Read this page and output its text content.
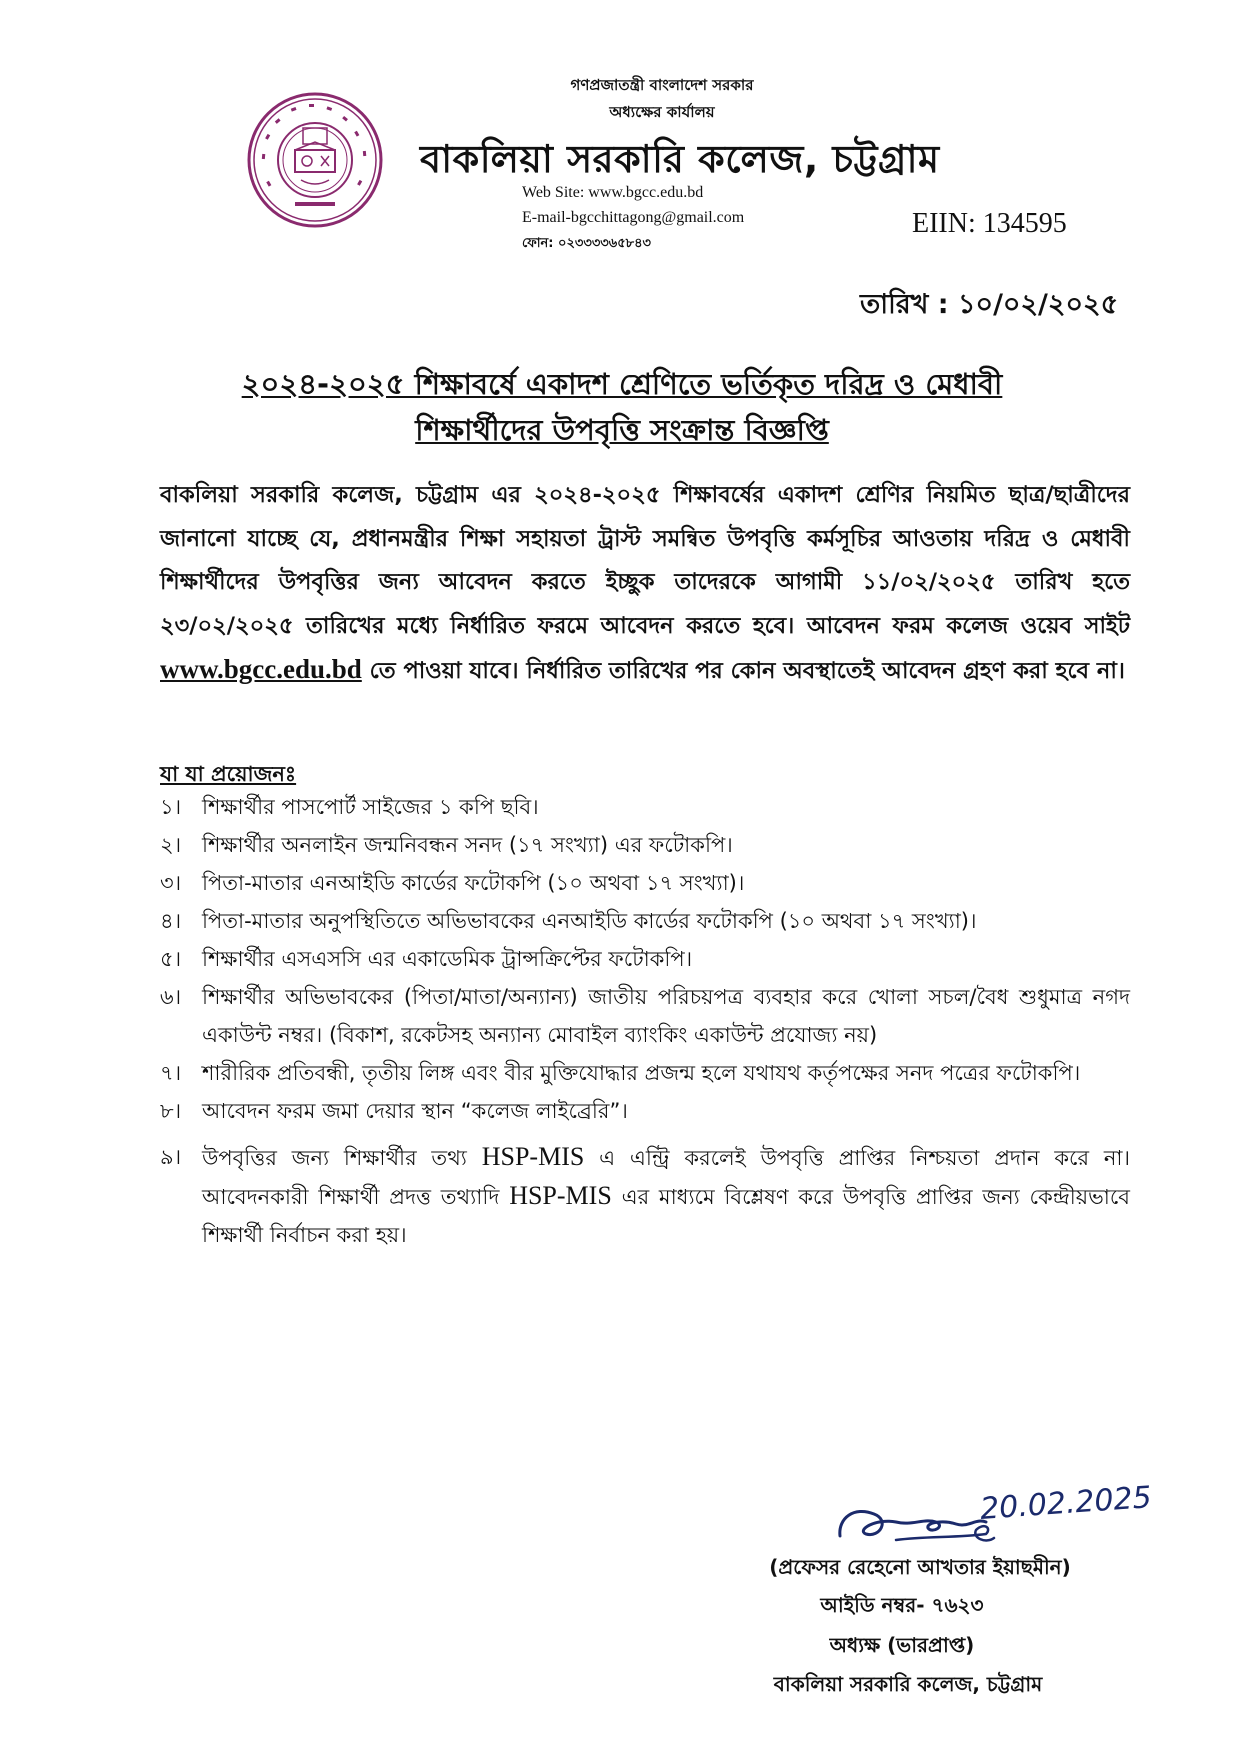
গণপ্রজাতন্ত্রী বাংলাদেশ সরকার
অধ্যক্ষের কার্যালয়
বাকলিয়া সরকারি কলেজ, চট্টগ্রাম
Web Site: www.bgcc.edu.bd
E-mail-bgcchittagong@gmail.com
ফোন: ০২৩৩৩৩৬৫৮৪৩
EIIN: 134595
তারিখ : ১০/০২/২০২৫
২০২৪-২০২৫ শিক্ষাবর্ষে একাদশ শ্রেণিতে ভর্তিকৃত দরিদ্র ও মেধাবী
শিক্ষার্থীদের উপবৃত্তি সংক্রান্ত বিজ্ঞপ্তি

বাকলিয়া সরকারি কলেজ, চট্টগ্রাম এর ২০২৪-২০২৫ শিক্ষাবর্ষের একাদশ শ্রেণির নিয়মিত ছাত্র/ছাত্রীদের জানানো যাচ্ছে যে, প্রধানমন্ত্রীর শিক্ষা সহায়তা ট্রাস্ট সমন্বিত উপবৃত্তি কর্মসূচির আওতায় দরিদ্র ও মেধাবী শিক্ষার্থীদের উপবৃত্তির জন্য আবেদন করতে ইচ্ছুক তাদেরকে আগামী ১১/০২/২০২৫ তারিখ হতে ২৩/০২/২০২৫ তারিখের মধ্যে নির্ধারিত ফরমে আবেদন করতে হবে। আবেদন ফরম কলেজ ওয়েব সাইট www.bgcc.edu.bd তে পাওয়া যাবে। নির্ধারিত তারিখের পর কোন অবস্থাতেই আবেদন গ্রহণ করা হবে না।

যা যা প্রয়োজনঃ
১। শিক্ষার্থীর পাসপোর্ট সাইজের ১ কপি ছবি।
২। শিক্ষার্থীর অনলাইন জন্মনিবন্ধন সনদ (১৭ সংখ্যা) এর ফটোকপি।
৩। পিতা-মাতার এনআইডি কার্ডের ফটোকপি (১০ অথবা ১৭ সংখ্যা)।
৪। পিতা-মাতার অনুপস্থিতিতে অভিভাবকের এনআইডি কার্ডের ফটোকপি (১০ অথবা ১৭ সংখ্যা)।
৫। শিক্ষার্থীর এসএসসি এর একাডেমিক ট্রান্সক্রিপ্টের ফটোকপি।
৬। শিক্ষার্থীর অভিভাবকের (পিতা/মাতা/অন্যান্য) জাতীয় পরিচয়পত্র ব্যবহার করে খোলা সচল/বৈধ শুধুমাত্র নগদ একাউন্ট নম্বর। (বিকাশ, রকেটসহ অন্যান্য মোবাইল ব্যাংকিং একাউন্ট প্রযোজ্য নয়)
৭। শারীরিক প্রতিবন্ধী, তৃতীয় লিঙ্গ এবং বীর মুক্তিযোদ্ধার প্রজন্ম হলে যথাযথ কর্তৃপক্ষের সনদ পত্রের ফটোকপি।
৮। আবেদন ফরম জমা দেয়ার স্থান “কলেজ লাইব্রেরি”।
৯। উপবৃত্তির জন্য শিক্ষার্থীর তথ্য HSP-MIS এ এন্ট্রি করলেই উপবৃত্তি প্রাপ্তির নিশ্চয়তা প্রদান করে না।আবেদনকারী শিক্ষার্থী প্রদত্ত তথ্যাদি HSP-MIS এর মাধ্যমে বিশ্লেষণ করে উপবৃত্তি প্রাপ্তির জন্য কেন্দ্রীয়ভাবে শিক্ষার্থী নির্বাচন করা হয়।
20.02.2025
(প্রফেসর রেহেনো আখতার ইয়াছমীন)
আইডি নম্বর- ৭৬২৩
অধ্যক্ষ (ভারপ্রাপ্ত)
বাকলিয়া সরকারি কলেজ, চট্টগ্রাম
